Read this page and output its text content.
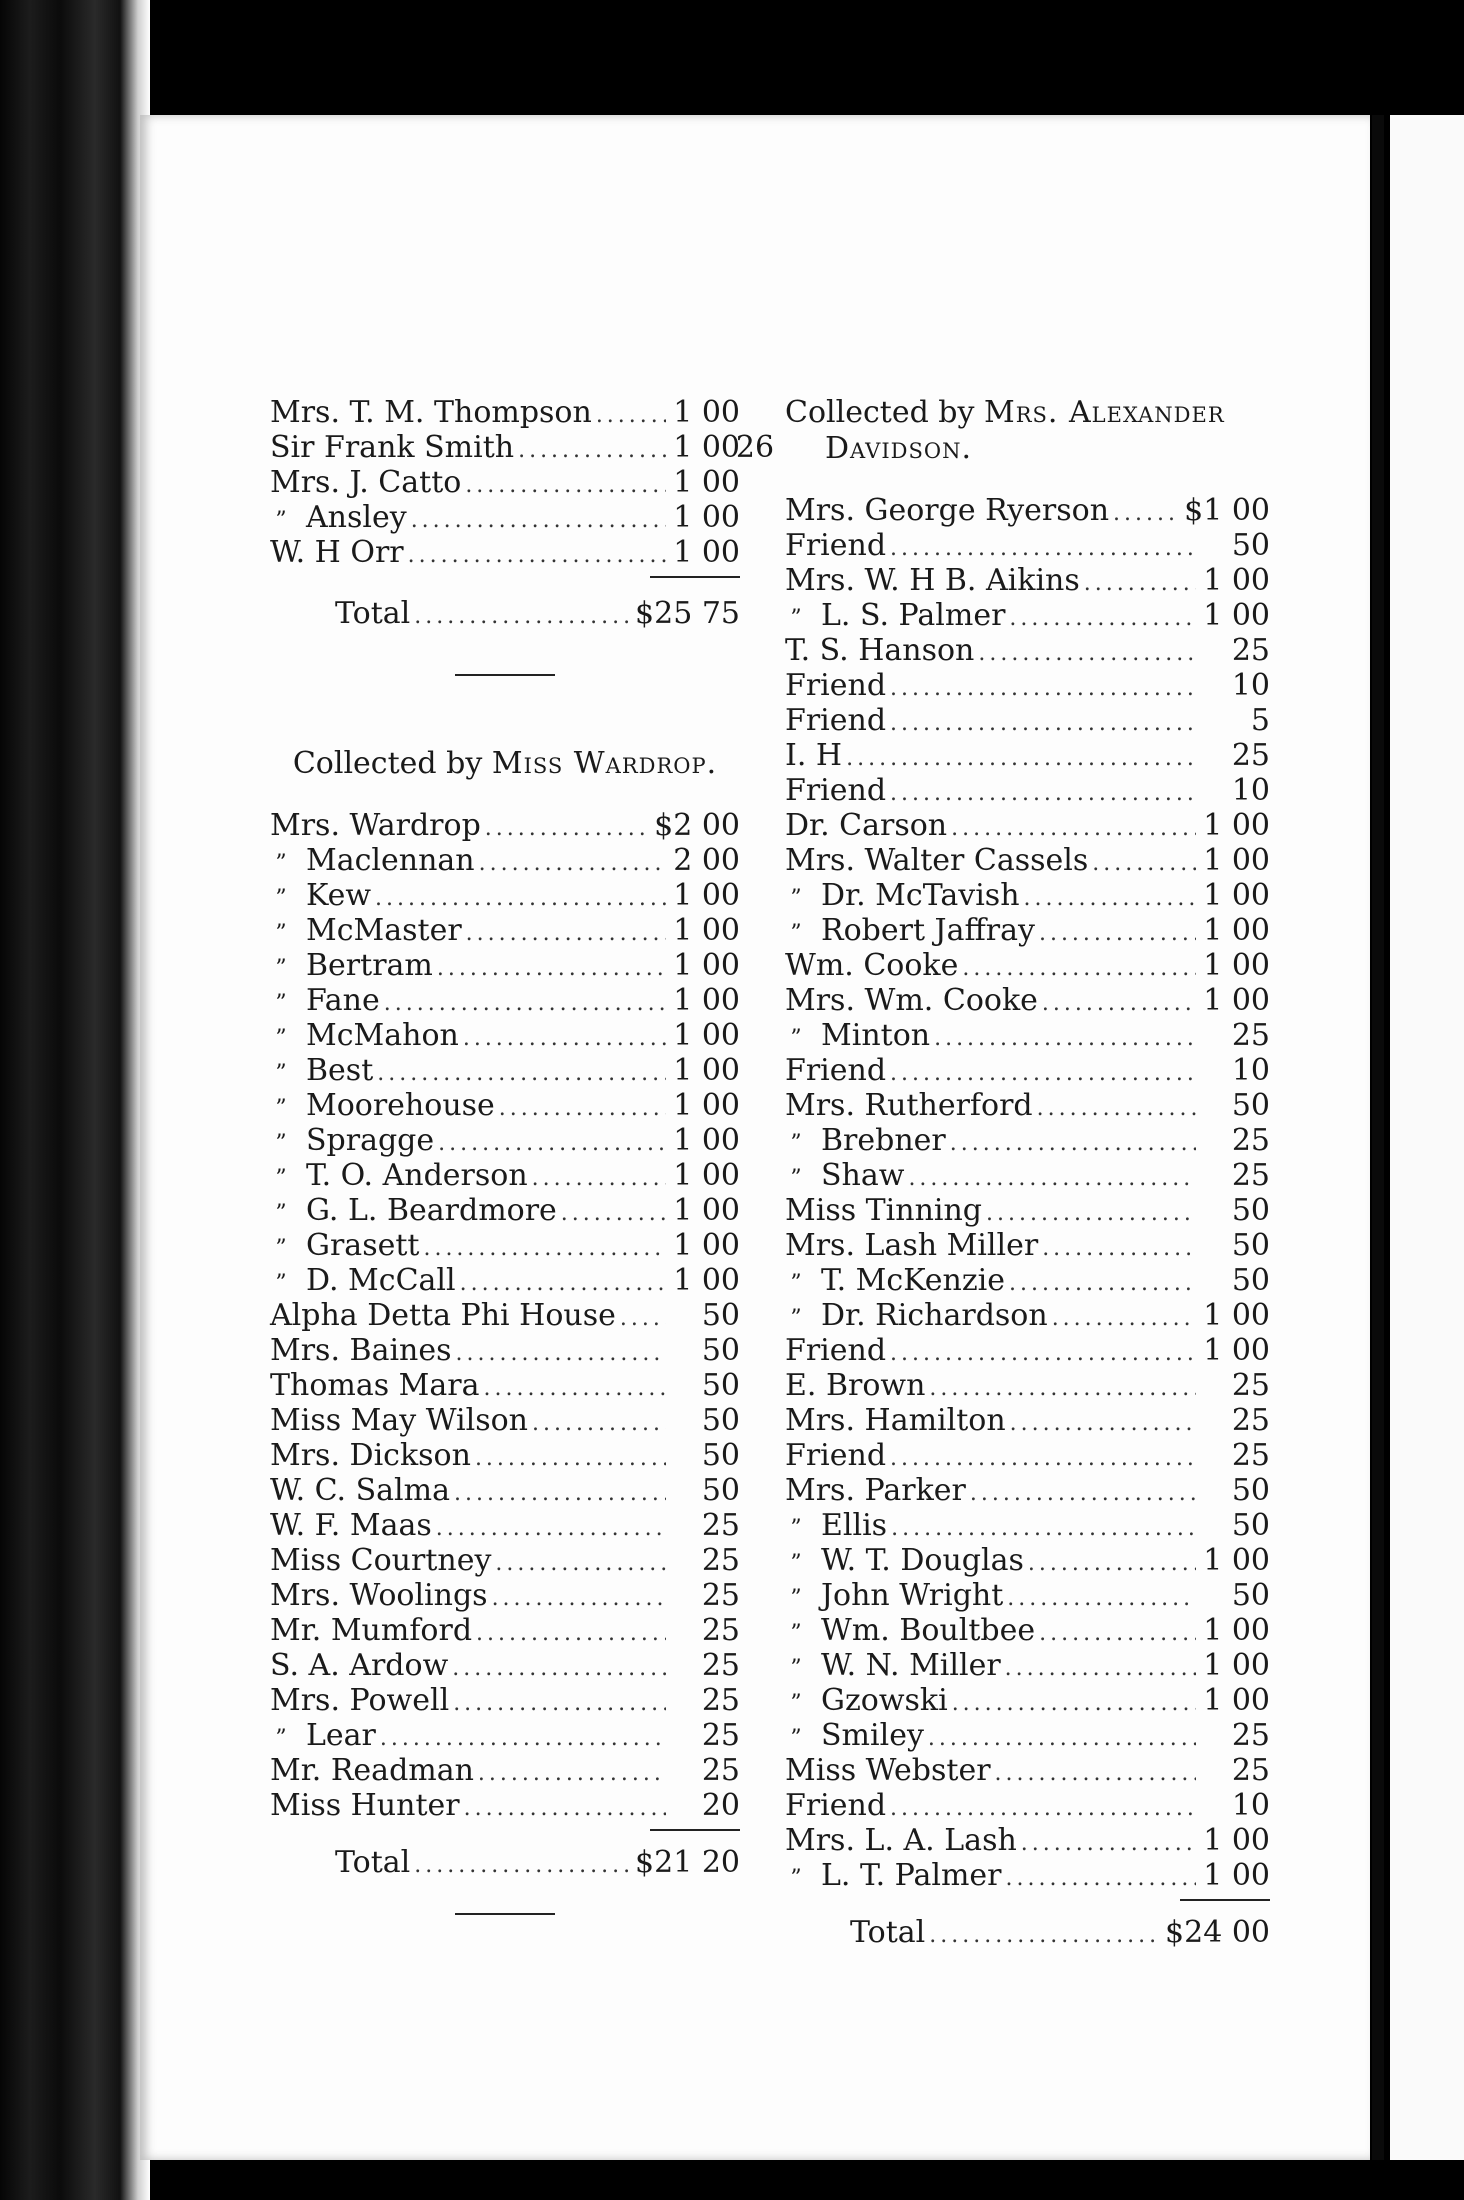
26
Mrs. T. M. Thompson .....	1 00
Sir Frank Smith .....	1 00
Mrs. J. Catto .....	1 00
” Ansley .....	1 00
W. H Orr .....	1 00
Total .....	$25 75
Collected by Miss Wardrop.
Mrs. Wardrop .....	$2 00
” Maclennan .....	2 00
” Kew .....	1 00
” McMaster .....	1 00
” Bertram .....	1 00
” Fane .....	1 00
” McMahon .....	1 00
” Best .....	1 00
” Moorehouse .....	1 00
” Spragge .....	1 00
” T. O. Anderson .....	1 00
” G. L. Beardmore .....	1 00
” Grasett .....	1 00
” D. McCall .....	1 00
Alpha Detta Phi House .....	50
Mrs. Baines .....	50
Thomas Mara .....	50
Miss May Wilson .....	50
Mrs. Dickson .....	50
W. C. Salma .....	50
W. F. Maas .....	25
Miss Courtney .....	25
Mrs. Woolings .....	25
Mr. Mumford .....	25
S. A. Ardow .....	25
Mrs. Powell .....	25
” Lear .....	25
Mr. Readman .....	25
Miss Hunter .....	20
Total .....	$21 20
Collected by Mrs. Alexander
Davidson.
Mrs. George Ryerson .....	$1 00
Friend .....	50
Mrs. W. H B. Aikins .....	1 00
” L. S. Palmer .....	1 00
T. S. Hanson .....	25
Friend .....	10
Friend .....	5
I. H .....	25
Friend .....	10
Dr. Carson .....	1 00
Mrs. Walter Cassels .....	1 00
” Dr. McTavish .....	1 00
” Robert Jaffray .....	1 00
Wm. Cooke .....	1 00
Mrs. Wm. Cooke .....	1 00
” Minton .....	25
Friend .....	10
Mrs. Rutherford .....	50
” Brebner .....	25
” Shaw .....	25
Miss Tinning .....	50
Mrs. Lash Miller .....	50
” T. McKenzie .....	50
” Dr. Richardson .....	1 00
Friend .....	1 00
E. Brown .....	25
Mrs. Hamilton .....	25
Friend .....	25
Mrs. Parker .....	50
” Ellis .....	50
” W. T. Douglas .....	1 00
” John Wright .....	50
” Wm. Boultbee .....	1 00
” W. N. Miller .....	1 00
” Gzowski .....	1 00
” Smiley .....	25
Miss Webster .....	25
Friend .....	10
Mrs. L. A. Lash .....	1 00
” L. T. Palmer .....	1 00
Total .....	$24 00
